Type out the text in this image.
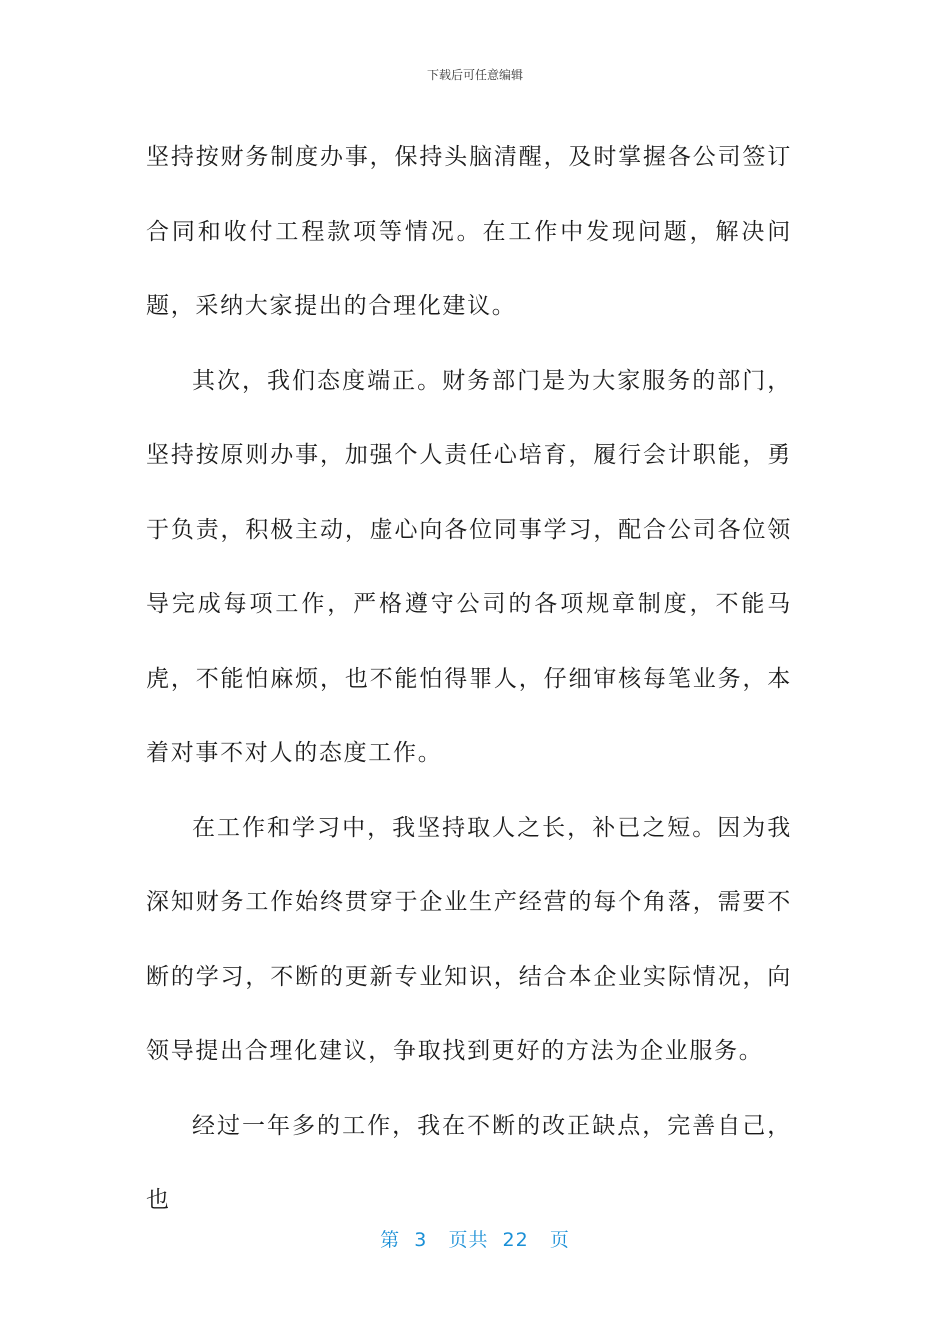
下载后可任意编辑

坚持按财务制度办事，保持头脑清醒，及时掌握各公司签订合同和收付工程款项等情况。在工作中发现问题，解决问题，采纳大家提出的合理化建议。

其次，我们态度端正。财务部门是为大家服务的部门，坚持按原则办事，加强个人责任心培育，履行会计职能，勇于负责，积极主动，虚心向各位同事学习，配合公司各位领导完成每项工作，严格遵守公司的各项规章制度，不能马虎，不能怕麻烦，也不能怕得罪人，仔细审核每笔业务，本着对事不对人的态度工作。

在工作和学习中，我坚持取人之长，补已之短。因为我深知财务工作始终贯穿于企业生产经营的每个角落，需要不断的学习，不断的更新专业知识，结合本企业实际情况，向领导提出合理化建议，争取找到更好的方法为企业服务。

经过一年多的工作，我在不断的改正缺点，完善自己，也

第 3 页共 22 页
